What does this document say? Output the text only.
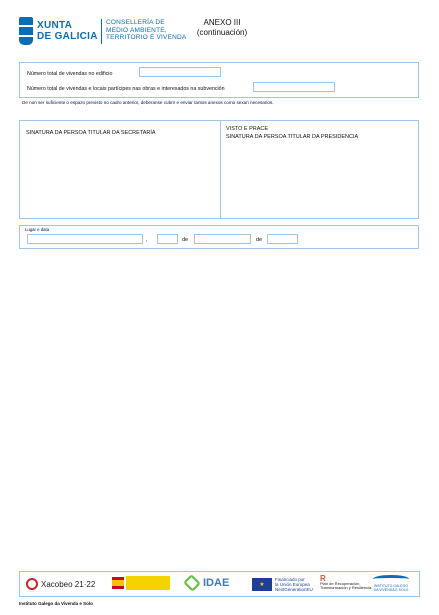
XUNTA
DE GALICIA
CONSELLERÍA DE
MEDIO AMBIENTE,
TERRITORIO E VIVENDA
ANEXO III
(continuación)
Número total de vivendas no edificio
Número total de vivendas e locais partícipes nas obras e interesados na subvención
De non ser suficiente o espazo previsto no cadro anterior, deberanse cubrir e enviar tantos anexos como sexan necesarios.
SINATURA DA PERSOA TITULAR DA SECRETARÍA
VISTO E PRACE
SINATURA DA PERSOA TITULAR DA PRESIDENCIA
Lugar e data
,	de	de
Xacobeo 21·22	IDAE	★
Financiado por
la Unión Europea
NextGenerationEU
R
Plan de Recuperación,
Transformación y Resiliencia INSTITUTO GALEGO
DA VIVENDA E SOLO
Instituto Galego da Vivenda e Solo
